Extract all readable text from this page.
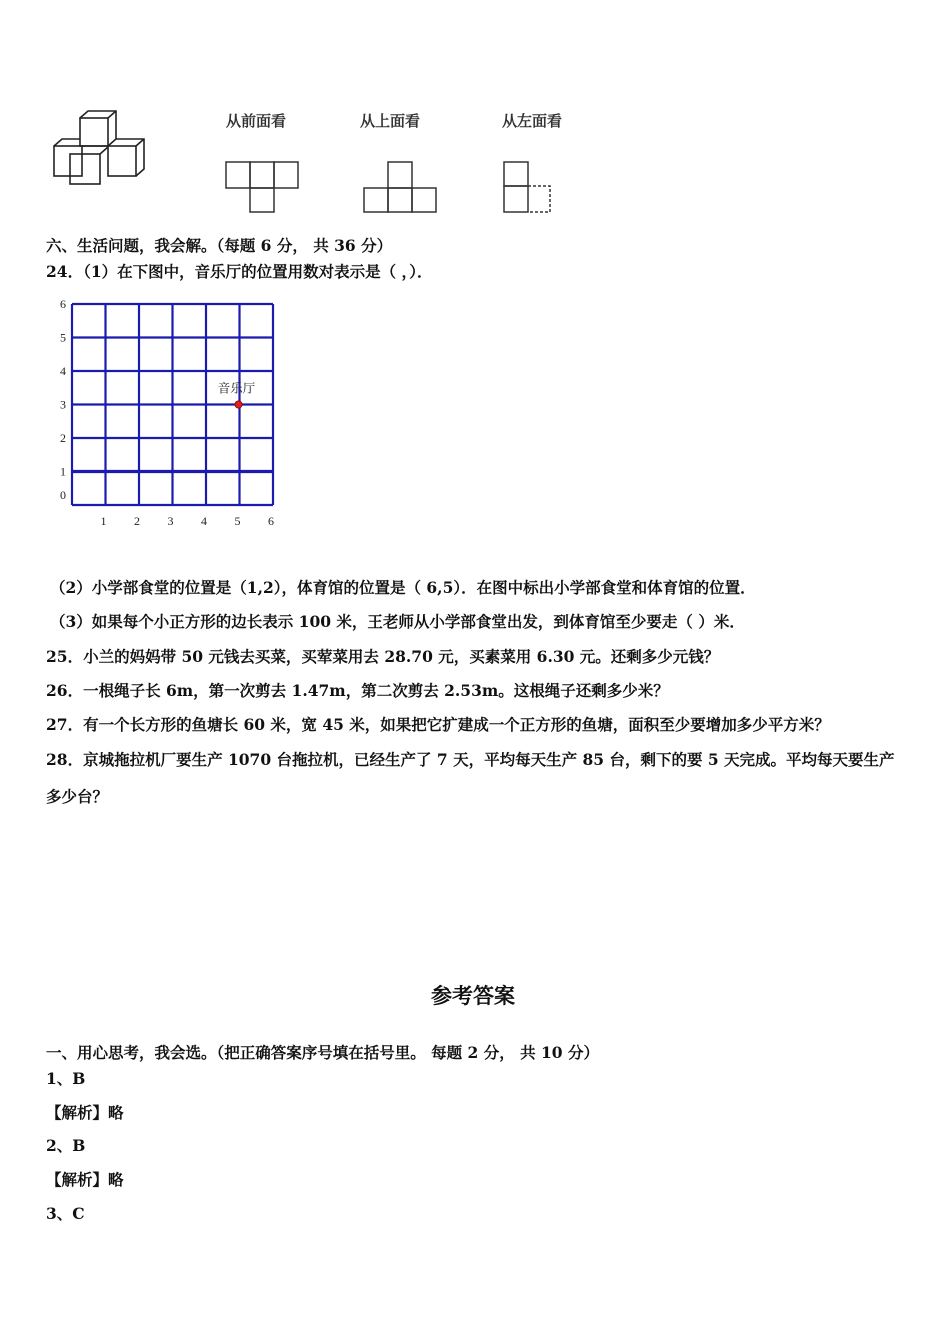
从前面看	从上面看	从左面看
六、生活问题，我会解。（每题 6 分， 共 36 分）
24．（1）在下图中，音乐厅的位置用数对表示是（ ，）．
1 2 3 4 5 6
0
1
2
3
4
5
6
音乐厅
（2）小学部食堂的位置是（1,2），体育馆的位置是（ 6,5）．在图中标出小学部食堂和体育馆的位置．
（3）如果每个小正方形的边长表示 100 米，王老师从小学部食堂出发，到体育馆至少要走（ ）米．
25．小兰的妈妈带 50 元钱去买菜，买荤菜用去 28.70 元，买素菜用 6.30 元。还剩多少元钱？
26．一根绳子长 6m，第一次剪去 1.47m，第二次剪去 2.53m。这根绳子还剩多少米？
27．有一个长方形的鱼塘长 60 米，宽 45 米，如果把它扩建成一个正方形的鱼塘，面积至少要增加多少平方米？
28．京城拖拉机厂要生产 1070 台拖拉机，已经生产了 7 天，平均每天生产 85 台，剩下的要 5 天完成。平均每天要生产
多少台？
参考答案
一、用心思考，我会选。（把正确答案序号填在括号里。 每题 2 分， 共 10 分）
1、B
【解析】略
2、B
【解析】略
3、C
